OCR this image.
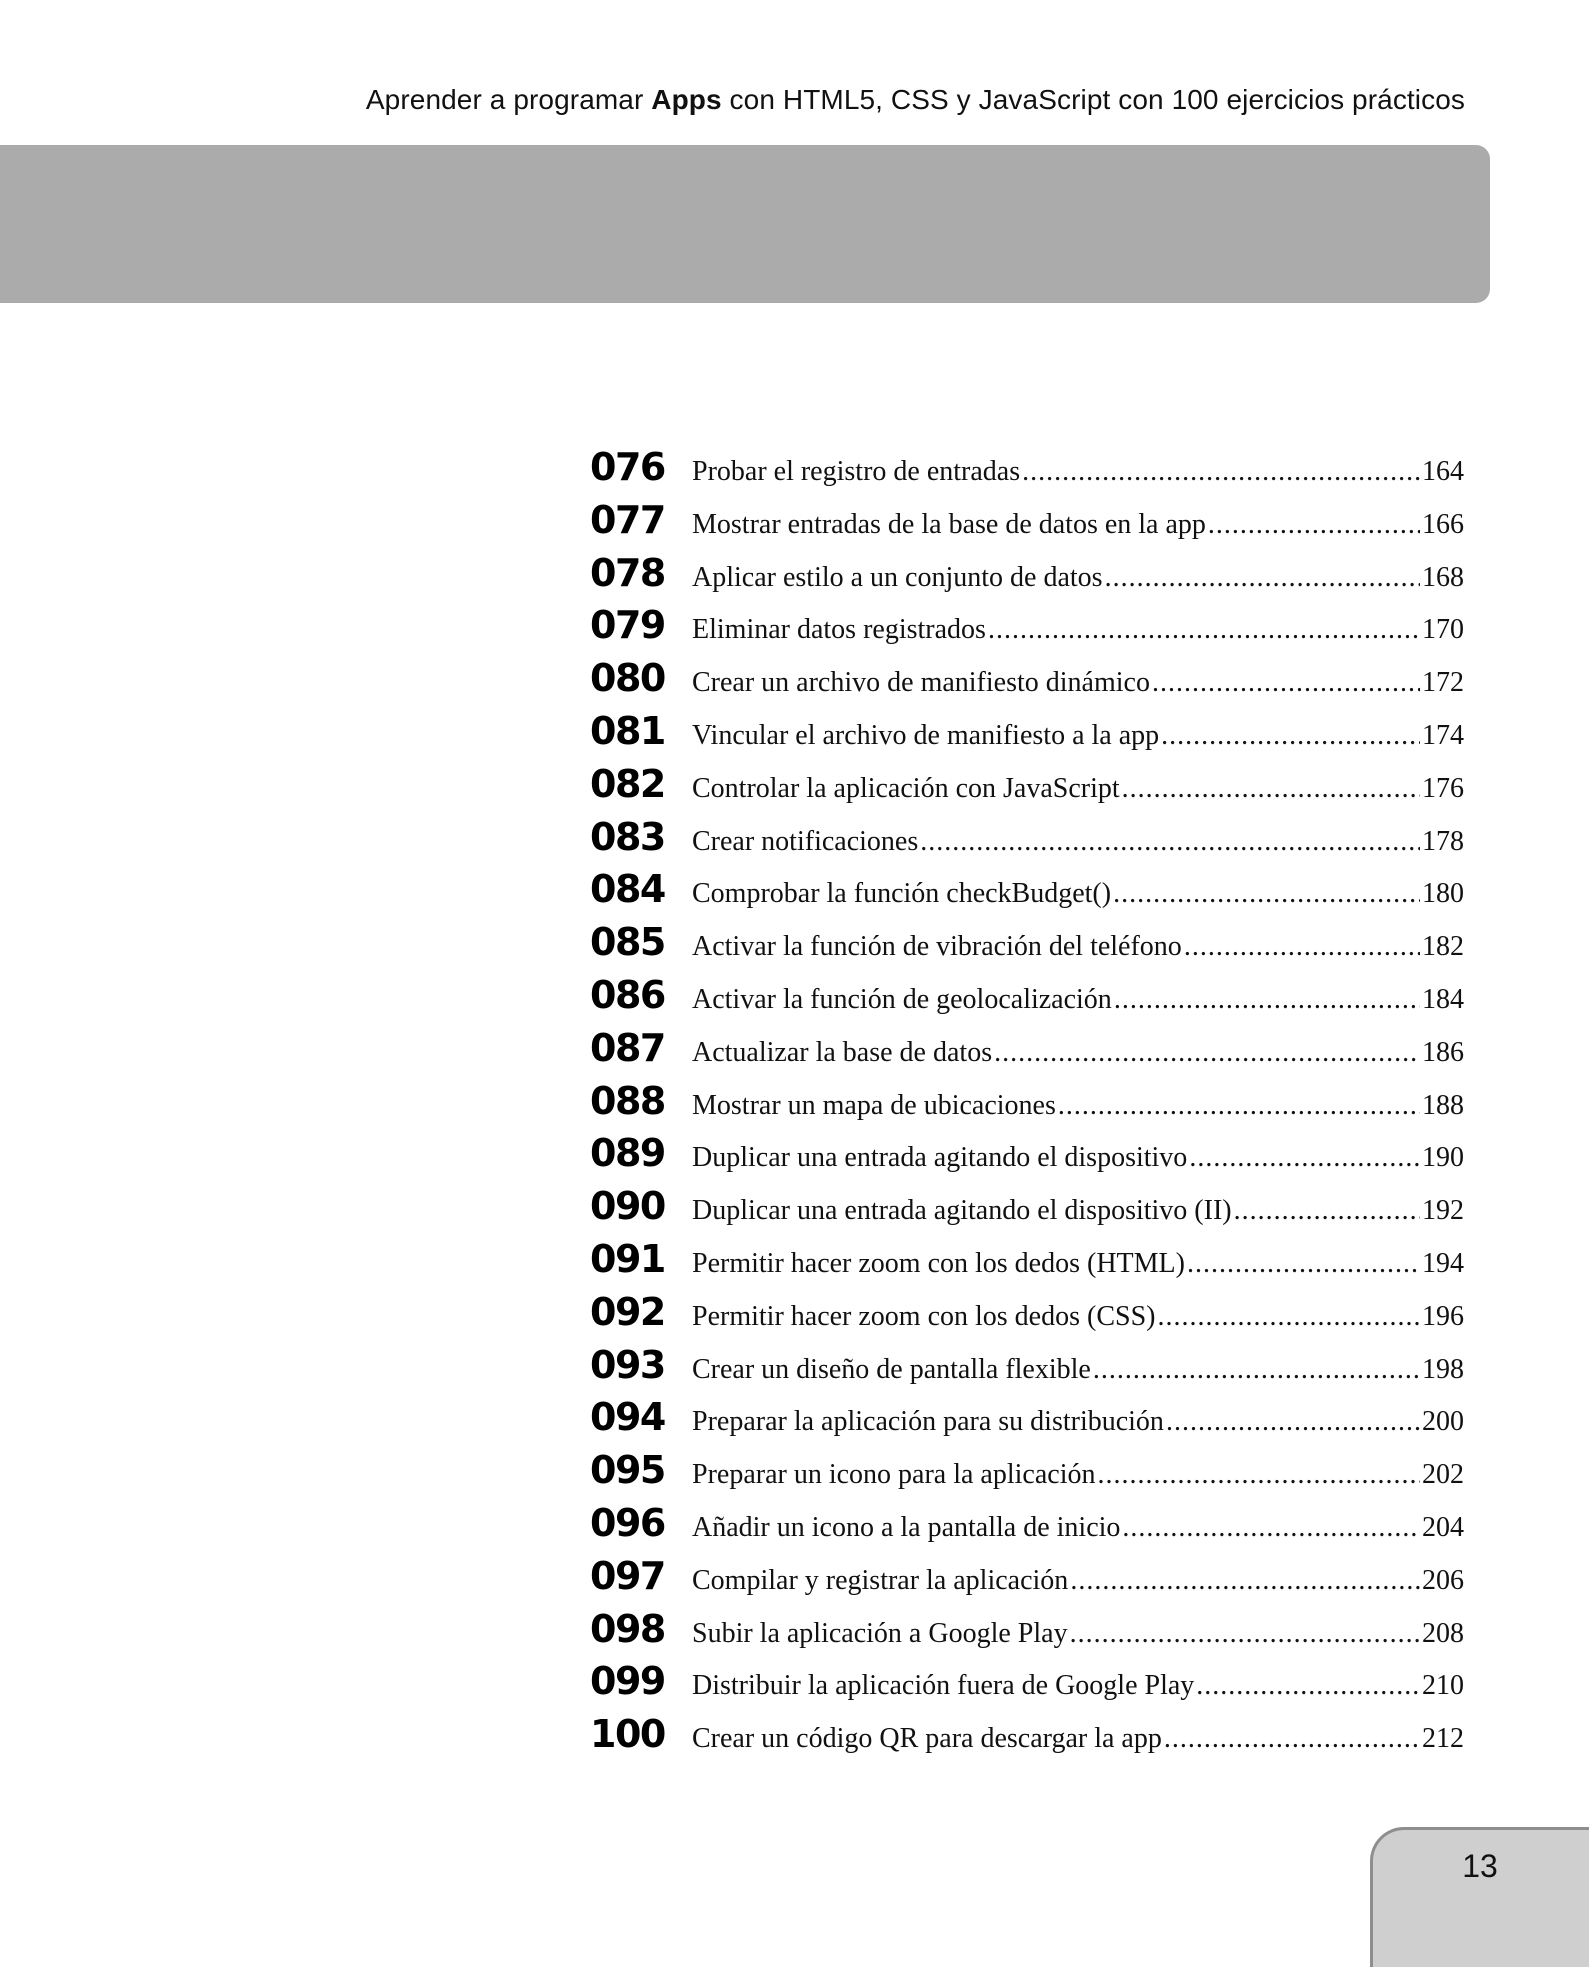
Aprender a programar Apps con HTML5, CSS y JavaScript con 100 ejercicios prácticos
076 Probar el registro de entradas .....	164
077 Mostrar entradas de la base de datos en la app .....	166
078 Aplicar estilo a un conjunto de datos .....	168
079 Eliminar datos registrados .....	170
080 Crear un archivo de manifiesto dinámico .....	172
081 Vincular el archivo de manifiesto a la app .....	174
082 Controlar la aplicación con JavaScript .....	176
083 Crear notificaciones .....	178
084 Comprobar la función checkBudget() .....	180
085 Activar la función de vibración del teléfono .....	182
086 Activar la función de geolocalización .....	184
087 Actualizar la base de datos .....	186
088 Mostrar un mapa de ubicaciones .....	188
089 Duplicar una entrada agitando el dispositivo .....	190
090 Duplicar una entrada agitando el dispositivo (II) .....	192
091 Permitir hacer zoom con los dedos (HTML) .....	194
092 Permitir hacer zoom con los dedos (CSS) .....	196
093 Crear un diseño de pantalla flexible .....	198
094 Preparar la aplicación para su distribución .....	200
095 Preparar un icono para la aplicación .....	202
096 Añadir un icono a la pantalla de inicio .....	204
097 Compilar y registrar la aplicación .....	206
098 Subir la aplicación a Google Play .....	208
099 Distribuir la aplicación fuera de Google Play .....	210
100 Crear un código QR para descargar la app .....	212
13
